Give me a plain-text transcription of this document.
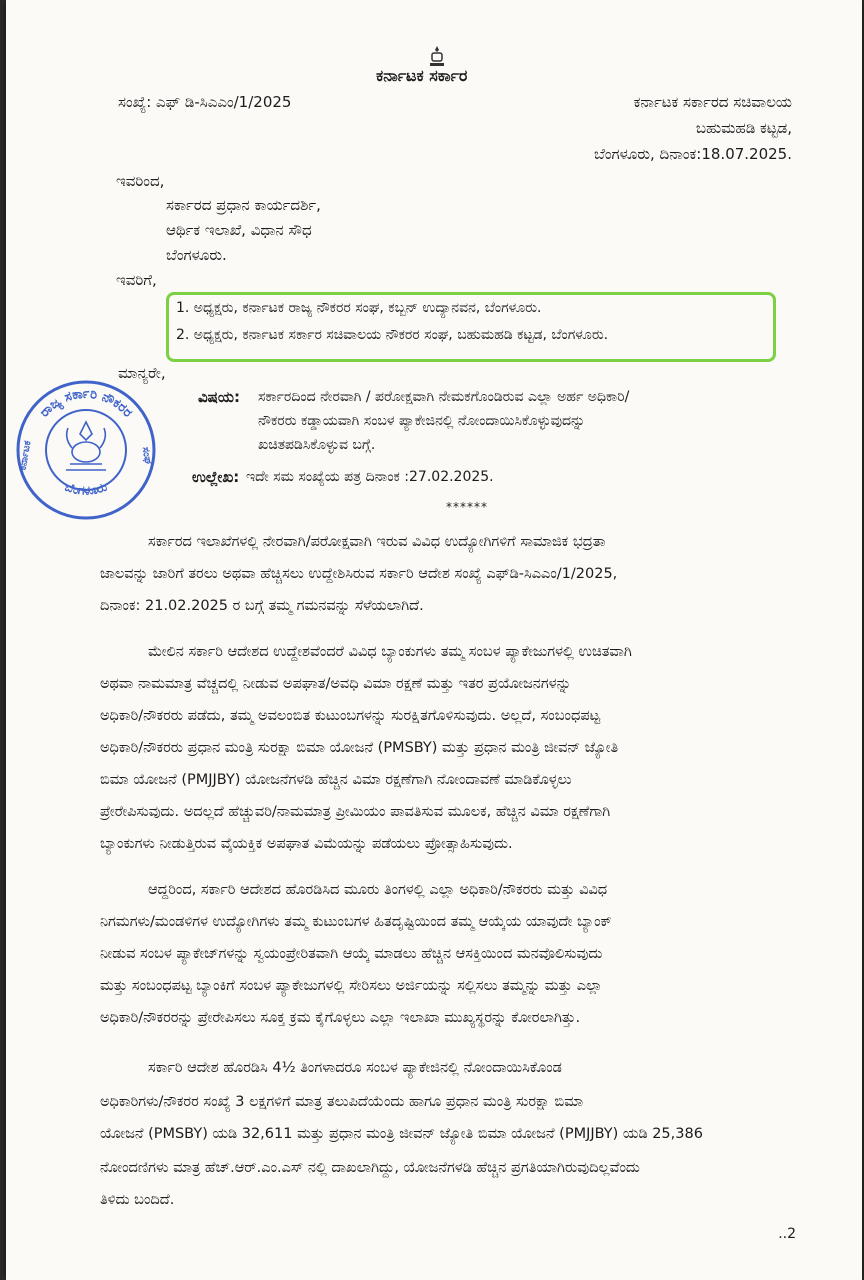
ಕರ್ನಾಟಕ ಸರ್ಕಾರ
ಸಂಖ್ಯೆ: ಎಫ್ ಡಿ-ಸಿಎಎಂ/1/2025	ಕರ್ನಾಟಕ ಸರ್ಕಾರದ ಸಚಿವಾಲಯ
ಬಹುಮಹಡಿ ಕಟ್ಟಡ,
ಬೆಂಗಳೂರು, ದಿನಾಂಕ:18.07.2025.
ಇವರಿಂದ,
ಸರ್ಕಾರದ ಪ್ರಧಾನ ಕಾರ್ಯದರ್ಶಿ,
ಆರ್ಥಿಕ ಇಲಾಖೆ, ವಿಧಾನ ಸೌಧ
ಬೆಂಗಳೂರು.
ಇವರಿಗೆ,
1. ಅಧ್ಯಕ್ಷರು, ಕರ್ನಾಟಕ ರಾಜ್ಯ ನೌಕರರ ಸಂಘ, ಕಬ್ಬನ್ ಉದ್ಯಾನವನ, ಬೆಂಗಳೂರು.
2. ಅಧ್ಯಕ್ಷರು, ಕರ್ನಾಟಕ ಸರ್ಕಾರ ಸಚಿವಾಲಯ ನೌಕರರ ಸಂಘ, ಬಹುಮಹಡಿ ಕಟ್ಟಡ, ಬೆಂಗಳೂರು.
ಮಾನ್ಯರೇ,
ರಾಜ್ಯ ಸರ್ಕಾರಿ ನೌಕರರ
ಬೆಂಗಳೂರು
ಕರ್ನಾಟಕ	ಸಂಘ
ವಿಷಯ: ಸರ್ಕಾರದಿಂದ ನೇರವಾಗಿ / ಪರೋಕ್ಷವಾಗಿ ನೇಮಕಗೊಂಡಿರುವ ಎಲ್ಲಾ ಅರ್ಹ ಅಧಿಕಾರಿ/
ನೌಕರರು ಕಡ್ಡಾಯವಾಗಿ ಸಂಬಳ ಪ್ಯಾಕೇಜಿನಲ್ಲಿ ನೋಂದಾಯಿಸಿಕೊಳ್ಳುವುದನ್ನು
ಖಚಿತಪಡಿಸಿಕೊಳ್ಳುವ ಬಗ್ಗೆ.
ಉಲ್ಲೇಖ: ಇದೇ ಸಮ ಸಂಖ್ಯೆಯ ಪತ್ರ ದಿನಾಂಕ :27.02.2025.
******
ಸರ್ಕಾರದ ಇಲಾಖೆಗಳಲ್ಲಿ ನೇರವಾಗಿ/ಪರೋಕ್ಷವಾಗಿ ಇರುವ ವಿವಿಧ ಉದ್ಯೋಗಿಗಳಿಗೆ ಸಾಮಾಜಿಕ ಭದ್ರತಾ
ಜಾಲವನ್ನು ಜಾರಿಗೆ ತರಲು ಅಥವಾ ಹೆಚ್ಚಿಸಲು ಉದ್ದೇಶಿಸಿರುವ ಸರ್ಕಾರಿ ಆದೇಶ ಸಂಖ್ಯೆ ಎಫ್‌ಡಿ-ಸಿಎಎಂ/1/2025,
ದಿನಾಂಕ: 21.02.2025 ರ ಬಗ್ಗೆ ತಮ್ಮ ಗಮನವನ್ನು ಸೆಳೆಯಲಾಗಿದೆ.
ಮೇಲಿನ ಸರ್ಕಾರಿ ಆದೇಶದ ಉದ್ದೇಶವೆಂದರೆ ವಿವಿಧ ಬ್ಯಾಂಕುಗಳು ತಮ್ಮ ಸಂಬಳ ಪ್ಯಾಕೇಜುಗಳಲ್ಲಿ ಉಚಿತವಾಗಿ
ಅಥವಾ ನಾಮಮಾತ್ರ ವೆಚ್ಚದಲ್ಲಿ ನೀಡುವ ಅಪಘಾತ/ಅವಧಿ ವಿಮಾ ರಕ್ಷಣೆ ಮತ್ತು ಇತರ ಪ್ರಯೋಜನಗಳನ್ನು
ಅಧಿಕಾರಿ/ನೌಕರರು ಪಡೆದು, ತಮ್ಮ ಅವಲಂಬಿತ ಕುಟುಂಬಗಳನ್ನು ಸುರಕ್ಷಿತಗೊಳಿಸುವುದು. ಅಲ್ಲದೆ, ಸಂಬಂಧಪಟ್ಟ
ಅಧಿಕಾರಿ/ನೌಕರರು ಪ್ರಧಾನ ಮಂತ್ರಿ ಸುರಕ್ಷಾ ಬಿಮಾ ಯೋಜನೆ (PMSBY) ಮತ್ತು ಪ್ರಧಾನ ಮಂತ್ರಿ ಜೀವನ್ ಜ್ಯೋತಿ
ಬಿಮಾ ಯೋಜನೆ (PMJJBY) ಯೋಜನೆಗಳಡಿ ಹೆಚ್ಚಿನ ವಿಮಾ ರಕ್ಷಣೆಗಾಗಿ ನೋಂದಾವಣೆ ಮಾಡಿಕೊಳ್ಳಲು
ಪ್ರೇರೇಪಿಸುವುದು. ಅದಲ್ಲದೆ ಹೆಚ್ಚುವರಿ/ನಾಮಮಾತ್ರ ಪ್ರೀಮಿಯಂ ಪಾವತಿಸುವ ಮೂಲಕ, ಹೆಚ್ಚಿನ ವಿಮಾ ರಕ್ಷಣೆಗಾಗಿ
ಬ್ಯಾಂಕುಗಳು ನೀಡುತ್ತಿರುವ ವೈಯಕ್ತಿಕ ಅಪಘಾತ ವಿಮೆಯನ್ನು ಪಡೆಯಲು ಪ್ರೋತ್ಸಾಹಿಸುವುದು.
ಆದ್ದರಿಂದ, ಸರ್ಕಾರಿ ಆದೇಶದ ಹೊರಡಿಸಿದ ಮೂರು ತಿಂಗಳಲ್ಲಿ ಎಲ್ಲಾ ಅಧಿಕಾರಿ/ನೌಕರರು ಮತ್ತು ವಿವಿಧ
ನಿಗಮಗಳು/ಮಂಡಳಿಗಳ ಉದ್ಯೋಗಿಗಳು ತಮ್ಮ ಕುಟುಂಬಗಳ ಹಿತದೃಷ್ಟಿಯಿಂದ ತಮ್ಮ ಆಯ್ಕೆಯ ಯಾವುದೇ ಬ್ಯಾಂಕ್
ನೀಡುವ ಸಂಬಳ ಪ್ಯಾಕೇಜ್‌ಗಳನ್ನು ಸ್ವಯಂಪ್ರೇರಿತವಾಗಿ ಆಯ್ಕೆ ಮಾಡಲು ಹೆಚ್ಚಿನ ಆಸಕ್ತಿಯಿಂದ ಮನವೊಲಿಸುವುದು
ಮತ್ತು ಸಂಬಂಧಪಟ್ಟ ಬ್ಯಾಂಕಿಗೆ ಸಂಬಳ ಪ್ಯಾಕೇಜುಗಳಲ್ಲಿ ಸೇರಿಸಲು ಅರ್ಜಿಯನ್ನು ಸಲ್ಲಿಸಲು ತಮ್ಮನ್ನು ಮತ್ತು ಎಲ್ಲಾ
ಅಧಿಕಾರಿ/ನೌಕರರನ್ನು ಪ್ರೇರೇಪಿಸಲು ಸೂಕ್ತ ಕ್ರಮ ಕೈಗೊಳ್ಳಲು ಎಲ್ಲಾ ಇಲಾಖಾ ಮುಖ್ಯಸ್ಥರನ್ನು ಕೋರಲಾಗಿತ್ತು.
ಸರ್ಕಾರಿ ಆದೇಶ ಹೊರಡಿಸಿ 4½ ತಿಂಗಳಾದರೂ ಸಂಬಳ ಪ್ಯಾಕೇಜಿನಲ್ಲಿ ನೋಂದಾಯಿಸಿಕೊಂಡ
ಅಧಿಕಾರಿಗಳು/ನೌಕರರ ಸಂಖ್ಯೆ 3 ಲಕ್ಷಗಳಿಗೆ ಮಾತ್ರ ತಲುಪಿದೆಯೆಂದು ಹಾಗೂ ಪ್ರಧಾನ ಮಂತ್ರಿ ಸುರಕ್ಷಾ ಬಿಮಾ
ಯೋಜನೆ (PMSBY) ಯಡಿ 32,611 ಮತ್ತು ಪ್ರಧಾನ ಮಂತ್ರಿ ಜೀವನ್ ಜ್ಯೋತಿ ಬಿಮಾ ಯೋಜನೆ (PMJJBY) ಯಡಿ 25,386
ನೋಂದಣಿಗಳು ಮಾತ್ರ ಹೆಚ್.ಆರ್.ಎಂ.ಎಸ್ ನಲ್ಲಿ ದಾಖಲಾಗಿದ್ದು, ಯೋಜನೆಗಳಡಿ ಹೆಚ್ಚಿನ ಪ್ರಗತಿಯಾಗಿರುವುದಿಲ್ಲವೆಂದು
ತಿಳಿದು ಬಂದಿದೆ.
..2
